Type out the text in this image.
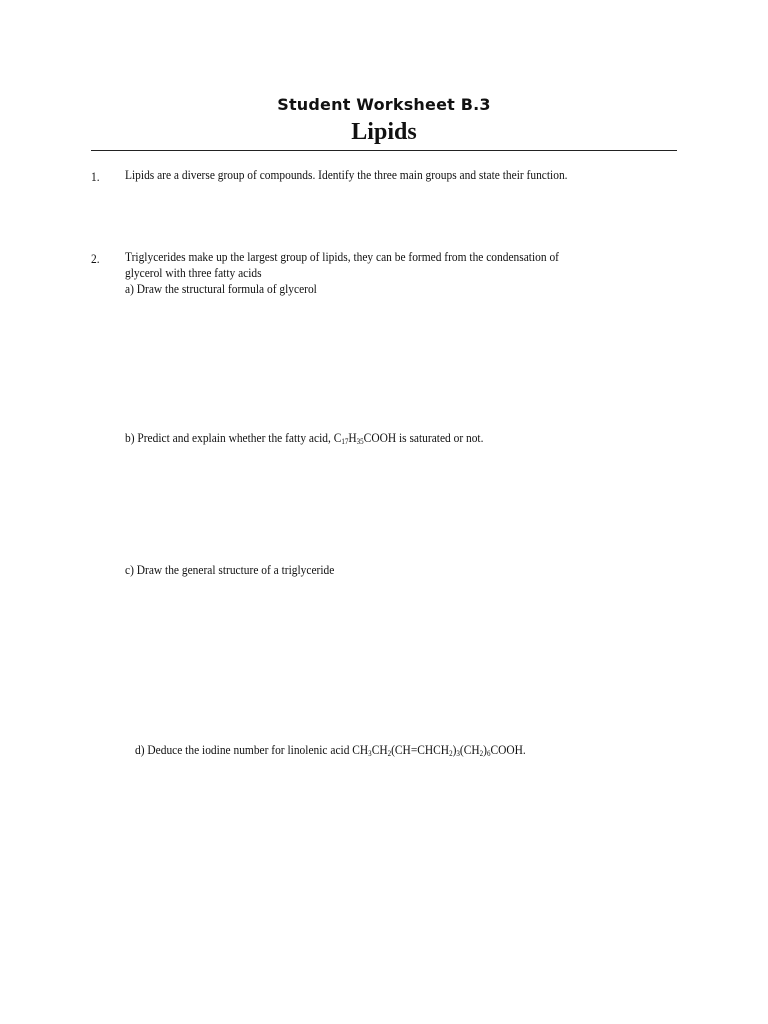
Student Worksheet B.3
Lipids
1. Lipids are a diverse group of compounds. Identify the three main groups and state their function.
2. Triglycerides make up the largest group of lipids, they can be formed from the condensation of
glycerol with three fatty acids
a) Draw the structural formula of glycerol
b) Predict and explain whether the fatty acid, $C_{17}H_{35}COOH$ is saturated or not.
c) Draw the general structure of a triglyceride
d) Deduce the iodine number for linolenic acid $CH_3CH_2(CH=CHCH_2)_3(CH_2)_6COOH$.
